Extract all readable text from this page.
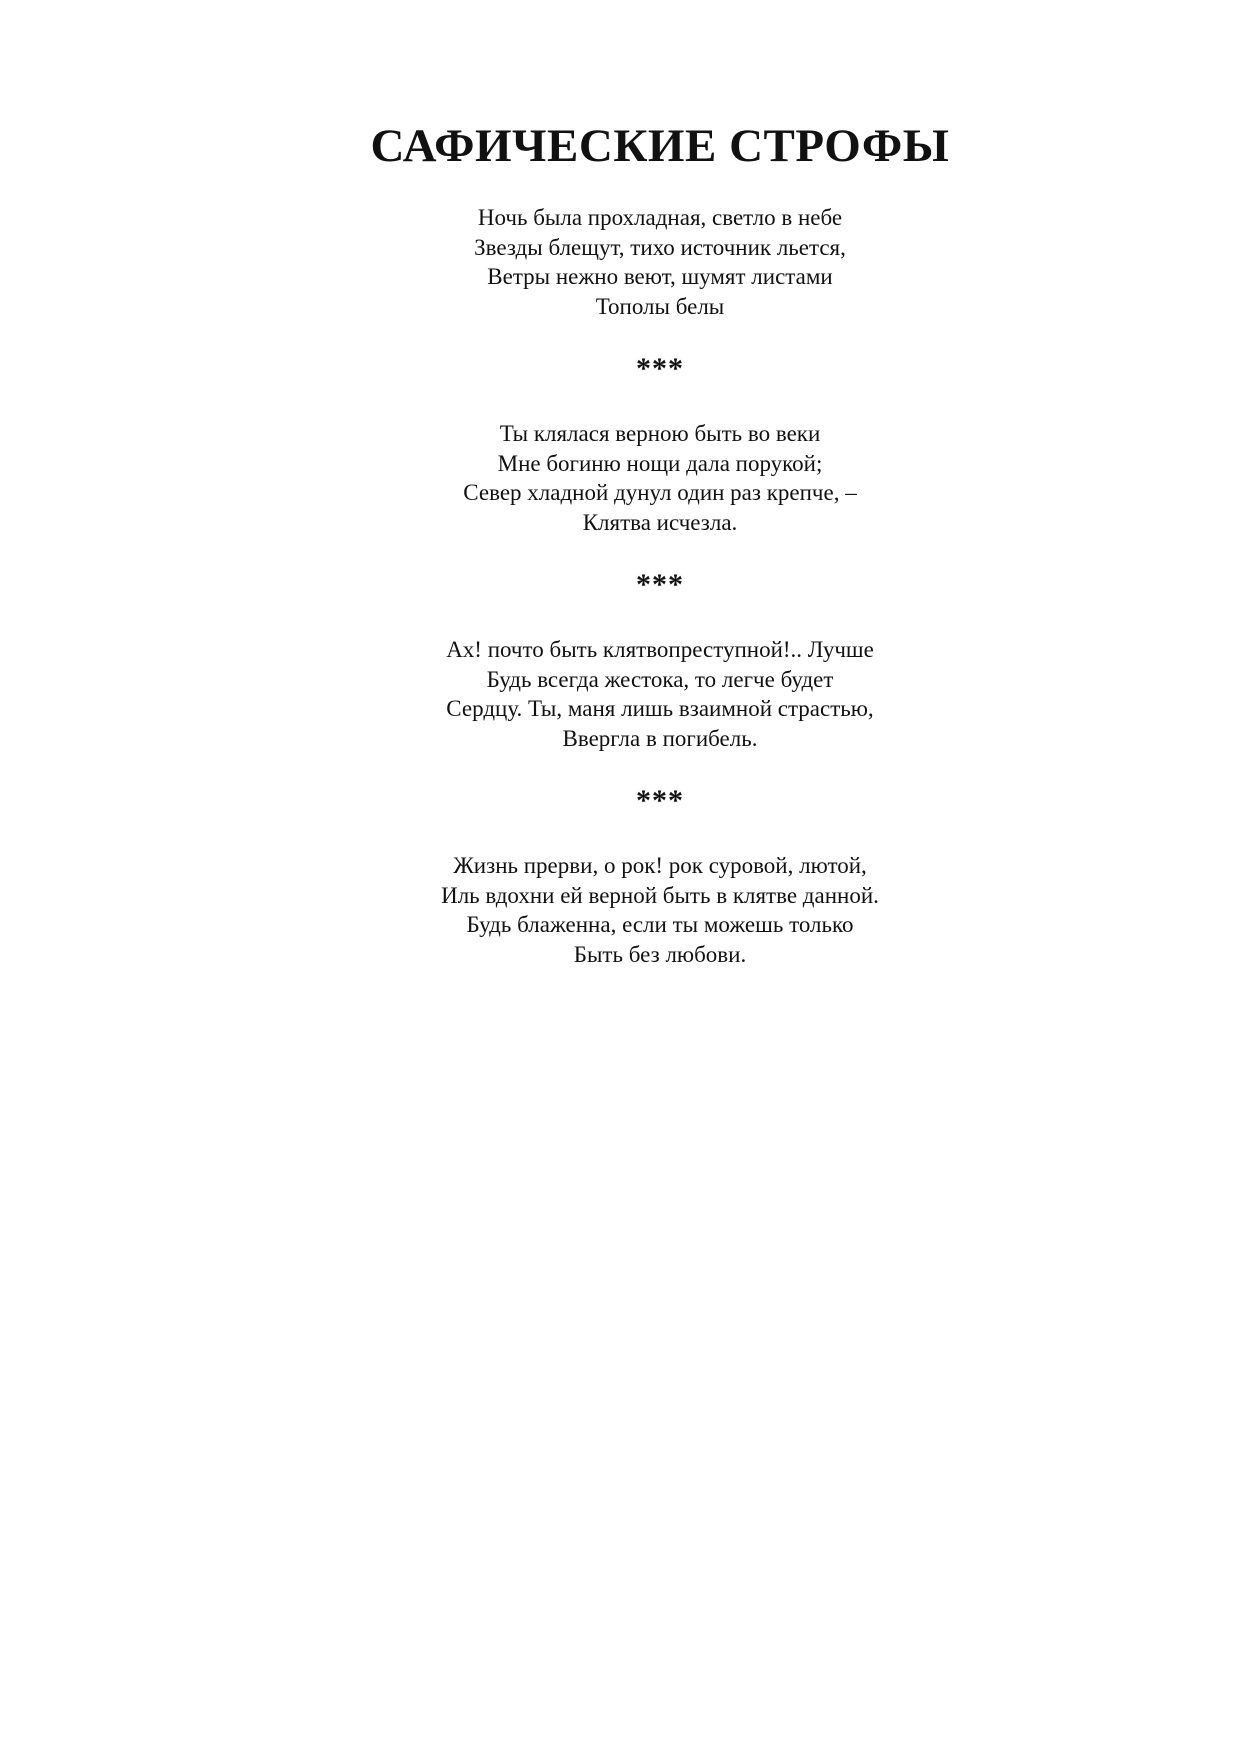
САФИЧЕСКИЕ СТРОФЫ
Ночь была прохладная, светло в небе
Звезды блещут, тихо источник льется,
Ветры нежно веют, шумят листами
Тополы белы
***
Ты клялася верною быть во веки
Мне богиню нощи дала порукой;
Север хладной дунул один раз крепче, –
Клятва исчезла.
***
Ах! почто быть клятвопреступной!.. Лучше
Будь всегда жестока, то легче будет
Сердцу. Ты, маня лишь взаимной страстью,
Ввергла в погибель.
***
Жизнь прерви, о рок! рок суровой, лютой,
Иль вдохни ей верной быть в клятве данной.
Будь блаженна, если ты можешь только
Быть без любови.
